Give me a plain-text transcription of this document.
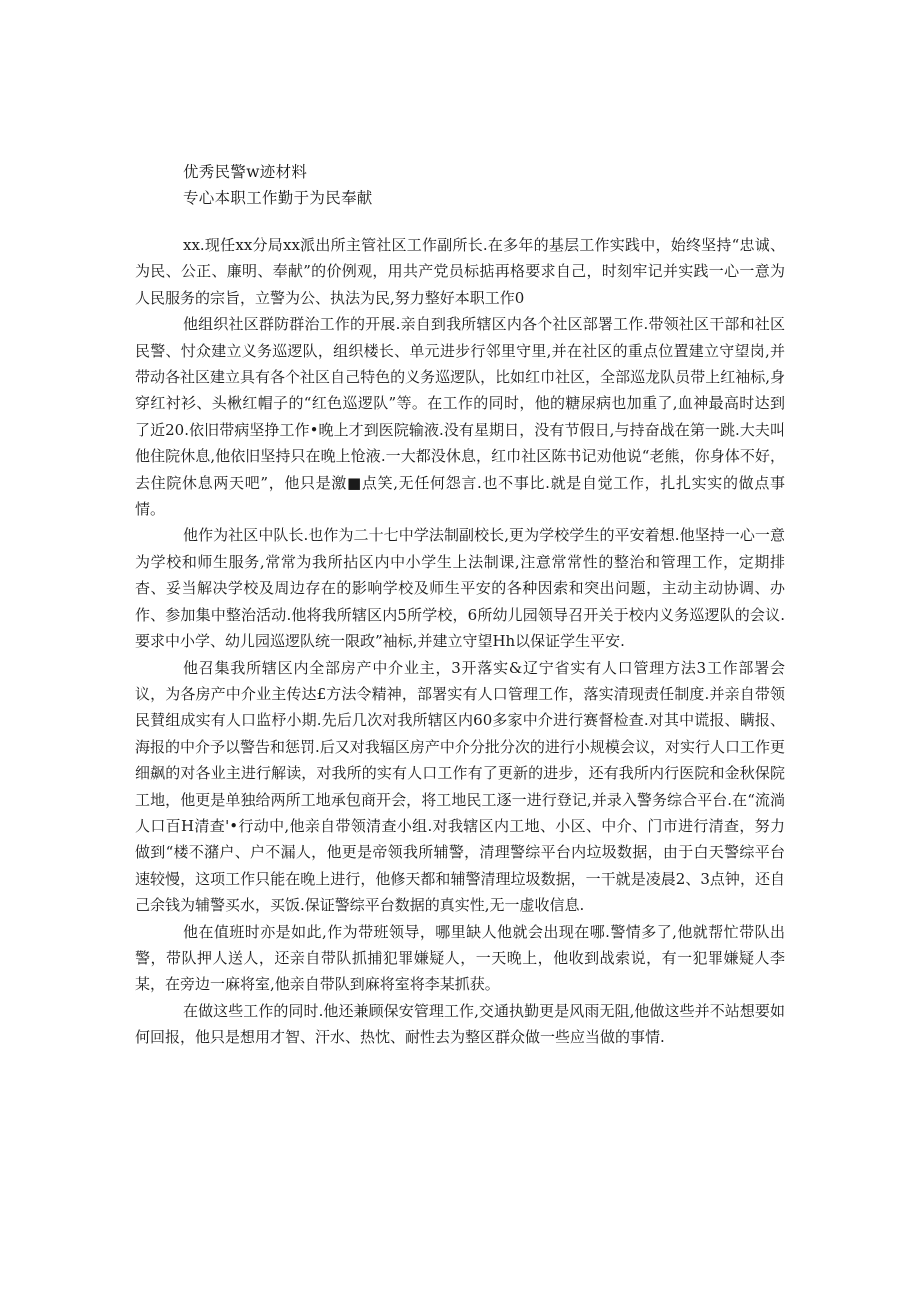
优秀民警w迹材料
专心本职工作勤于为民奉献

xx.现任xx分局xx派出所主管社区工作副所长.在多年的基层工作实践中，始终坚持“忠诚、为民、公正、廉明、奉献”的价例观，用共产党员标掂再格要求自己，时刻牢记并实践一心一意为人民服务的宗旨，立警为公、执法为民,努力整好本职工作0

他组织社区群防群治工作的开展.亲自到我所辖区内各个社区部署工作.带领社区干部和社区民警、忖众建立义务巡逻队，组织楼长、单元进步行邻里守里,并在社区的重点位置建立守望岗,并带动各社区建立具有各个社区自己特色的义务巡逻队，比如红巾社区，全部巡龙队员带上红袖标,身穿红衬衫、头楸红帽子的“红色巡逻队”等。在工作的同时，他的糖尿病也加重了,血神最高时达到了近20.依旧带病坚挣工作•晚上才到医院输液.没有星期日，没有节假日,与持奋战在第一跳.大夫叫他住院休息,他依旧坚持只在晚上怆液.一大都没休息，红巾社区陈书记劝他说“老熊，你身体不好，去住院休息两天吧”，他只是激■点笑,无任何怨言.也不事比.就是自觉工作，扎扎实实的做点事情。

他作为社区中队长.也作为二十七中学法制副校长,更为学校学生的平安着想.他坚持一心一意为学校和师生服务,常常为我所拈区内中小学生上法制课,注意常常性的整治和管理工作，定期排杳、妥当解决学校及周边存在的影响学校及师生平安的各种因索和突出问题，主动主动协调、办作、参加集中整治活动.他将我所辖区内5所学校，6所幼儿园领导召开关于校内义务巡逻队的会议.要求中小学、幼儿园巡逻队统一限政”袖标,并建立守望Hh以保证学生平安.

他召集我所辖区内全部房产中介业主，3开落实&辽宁省实有人口管理方法3工作部署会议，为各房产中介业主传达£方法令精神，部署实有人口管理工作，落实清现责任制度.并亲自带领民賛组成实有人口监杼小期.先后几次对我所辖区内60多家中介进行赛督检查.对其中谎报、瞒报、海报的中介予以警告和惩罚.后又对我辐区房产中介分批分次的进行小规模会议，对实行人口工作更细飙的对各业主进行解读，对我所的实有人口工作有了更新的进步，还有我所内行医院和金秋保院工地，他更是单独给两所工地承包商开会，将工地民工逐一进行登记,并录入警务综合平台.在“流淌人口百H清查'•行动中,他亲自带领清查小组.对我辖区内工地、小区、中介、门市进行清查，努力做到“楼不潴户、户不漏人，他更是帝领我所辅警，清理警综平台内垃圾数据，由于白天警综平台速较慢，这项工作只能在晚上进行，他修天都和辅警清理垃圾数据，一干就是凌晨2、3点钟，还自己余钱为辅警买水，买饭.保证警综平台数据的真实性,无一虚收信息.

他在值班时亦是如此,作为带班领导，哪里缺人他就会出现在哪.警情多了,他就帮忙带队出警，带队押人送人，还亲自带队抓捕犯罪嫌疑人，一天晚上，他收到战索说，有一犯罪嫌疑人李某，在旁边一麻将室,他亲自带队到麻将室将李某抓获。

在做这些工作的同时.他还兼顾保安管理工作,交通执勤更是风雨无阻,他做这些并不站想要如何回报，他只是想用才智、汗水、热忱、耐性去为整区群众做一些应当做的事情.
